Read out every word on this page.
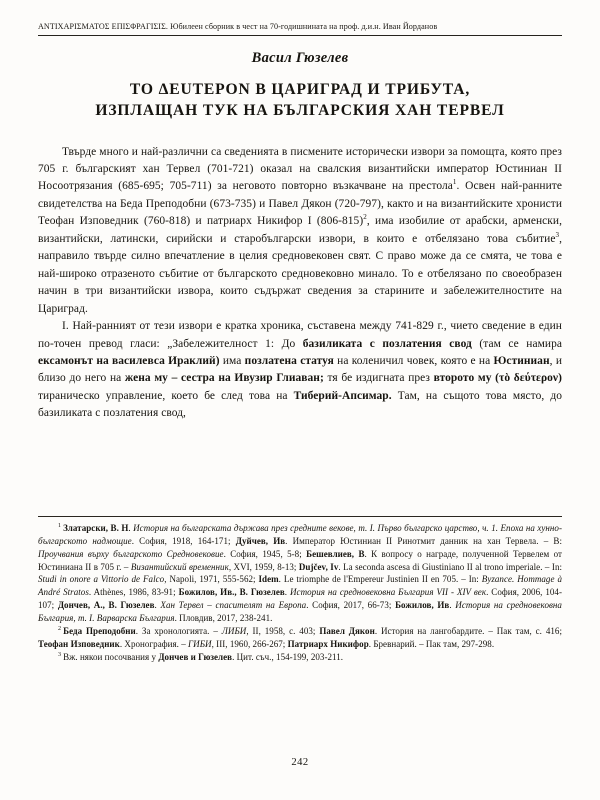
ΑΝΤΙΧΑΡΙΣΜΑΤΟΣ ΕΠΙΣΦΡΑΓΙΣΙΣ. Юбилеен сборник в чест на 70-годишнината на проф. д.и.н. Иван Йорданов
Васил Гюзелев
ТО ΔΕUΤΕΡΟΝ В ЦАРИГРАД И ТРИБУТА,
ИЗПЛАЩАН ТУК НА БЪЛГАРСКИЯ ХАН ТЕРВЕЛ

Твърде много и най-различни са сведенията в писмените исторически извори за помощта, която през 705 г. българският хан Тервел (701-721) оказал на свалския византийски император Юстиниан II Носоотрязания (685-695; 705-711) за неговото повторно възкачване на престола$^1$. Освен най-ранните свидетелства на Беда Преподобни (673-735) и Павел Дякон (720-797), както и на византийските хронисти Теофан Изповедник (760-818) и патриарх Никифор I $(806-815)^2$, има изобилие от арабски, арменски, византийски, латински, сирийски и старобългарски извори, в които е отбелязано това събитие$^3$, направило твърде силно впечатление в целия средновековен свят. С право може да се смята, че това е най-широко отразеното събитие от българското средновековно минало. То е отбелязано по своеобразен начин в три византийски извора, които съдържат сведения за старините и забележителностите на Цариград.

I. Най-ранният от тези извори е кратка хроника, съставена между 741-829 г., чието сведение в един по-точен превод гласи: „Забележителност 1: До базиликата с позлатения свод (там се намира ексамонът на василевса Ираклий) има позлатена статуя на коленичил човек, която е на Юстиниан, и близо до него на жена му – сестра на Ивузир Глиаван; тя бе издигната през второто му (τὸ δεύτερον) тираническо управление, което бе след това на Тиберий-Апсимар. Там, на същото това място, до базиликата с позлатения свод,

$^1$ Златарски, В. Н. История на българската държава през средните векове, т. I. Първо българско царство, ч. 1. Епоха на хунно-българското надмощие. София, 1918, 164-171; Дуйчев, Ив. Император Юстиниан II Ринотмит данник на хан Тервела. – В: Проучвания върху българското Средновековие. София, 1945, 5-8; Бешевлиев, В. К вопросу о награде, полученной Тервелем от Юстиниана II в 705 г. – Византийский временник, XVI, 1959, 8-13; Dujčev, Iv. La seconda ascesa di Giustiniano II al trono imperiale. – In: Studi in onore a Vittorio de Falco, Napoli, 1971, 555-562; Idem. Le triomphe de l'Empereur Justinien II en 705. – In: Byzance. Hommage à André Stratos. Athènes, 1986, 83-91; Божилов, Ив., В. Гюзелев. История на средновековна България VII - XIV век. София, 2006, 104-107; Дончев, А., В. Гюзелев. Хан Тервел – спасителят на Европа. София, 2017, 66-73; Божилов, Ив. История на средновековна България, т. I. Варварска България. Пловдив, 2017, 238-241.

$^2$ Беда Преподобни. За хронологията. – ЛИБИ, II, 1958, с. 403; Павел Дякон. История на лангобардите. – Пак там, с. 416; Теофан Изповедник. Хронография. – ГИБИ, III, 1960, 266-267; Патриарх Никифор. Бревнарий. – Пак там, 297-298.

$^3$ Вж. някои посочвания у Дончев и Гюзелев. Цит. съч., 154-199, 203-211.

242
